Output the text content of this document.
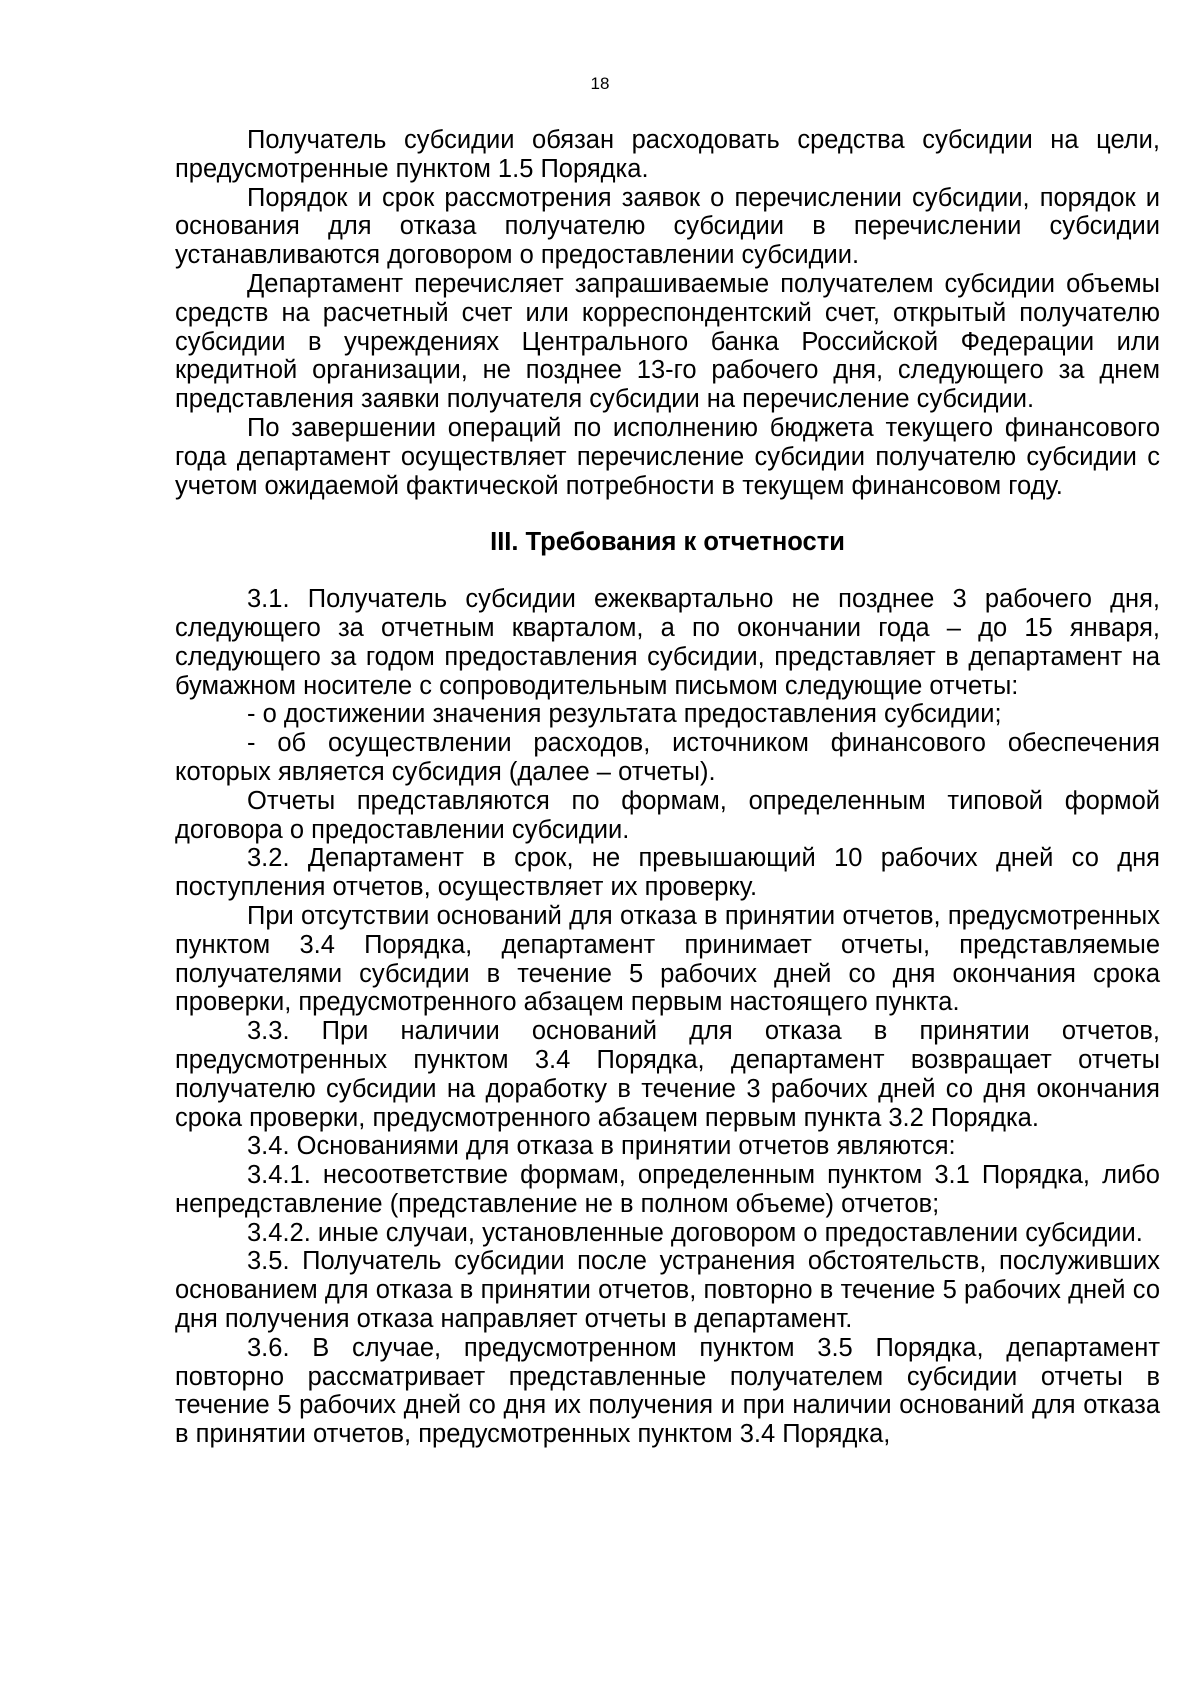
18

Получатель субсидии обязан расходовать средства субсидии на цели, предусмотренные пунктом 1.5 Порядка.

Порядок и срок рассмотрения заявок о перечислении субсидии, порядок и основания для отказа получателю субсидии в перечислении субсидии устанавливаются договором о предоставлении субсидии.

Департамент перечисляет запрашиваемые получателем субсидии объемы средств на расчетный счет или корреспондентский счет, открытый получателю субсидии в учреждениях Центрального банка Российской Федерации или кредитной организации, не позднее 13-го рабочего дня, следующего за днем представления заявки получателя субсидии на перечисление субсидии.

По завершении операций по исполнению бюджета текущего финансового года департамент осуществляет перечисление субсидии получателю субсидии с учетом ожидаемой фактической потребности в текущем финансовом году.

III. Требования к отчетности

3.1. Получатель субсидии ежеквартально не позднее 3 рабочего дня, следующего за отчетным кварталом, а по окончании года – до 15 января, следующего за годом предоставления субсидии, представляет в департамент на бумажном носителе с сопроводительным письмом следующие отчеты:

- о достижении значения результата предоставления субсидии;

- об осуществлении расходов, источником финансового обеспечения которых является субсидия (далее – отчеты).

Отчеты представляются по формам, определенным типовой формой договора о предоставлении субсидии.

3.2. Департамент в срок, не превышающий 10 рабочих дней со дня поступления отчетов, осуществляет их проверку.

При отсутствии оснований для отказа в принятии отчетов, предусмотренных пунктом 3.4 Порядка, департамент принимает отчеты, представляемые получателями субсидии в течение 5 рабочих дней со дня окончания срока проверки, предусмотренного абзацем первым настоящего пункта.

3.3. При наличии оснований для отказа в принятии отчетов, предусмотренных пунктом 3.4 Порядка, департамент возвращает отчеты получателю субсидии на доработку в течение 3 рабочих дней со дня окончания срока проверки, предусмотренного абзацем первым пункта 3.2 Порядка.

3.4. Основаниями для отказа в принятии отчетов являются:

3.4.1. несоответствие формам, определенным пунктом 3.1 Порядка, либо непредставление (представление не в полном объеме) отчетов;

3.4.2. иные случаи, установленные договором о предоставлении субсидии.

3.5. Получатель субсидии после устранения обстоятельств, послуживших основанием для отказа в принятии отчетов, повторно в течение 5 рабочих дней со дня получения отказа направляет отчеты в департамент.

3.6. В случае, предусмотренном пунктом 3.5 Порядка, департамент повторно рассматривает представленные получателем субсидии отчеты в течение 5 рабочих дней со дня их получения и при наличии оснований для отказа в принятии отчетов, предусмотренных пунктом 3.4 Порядка,
